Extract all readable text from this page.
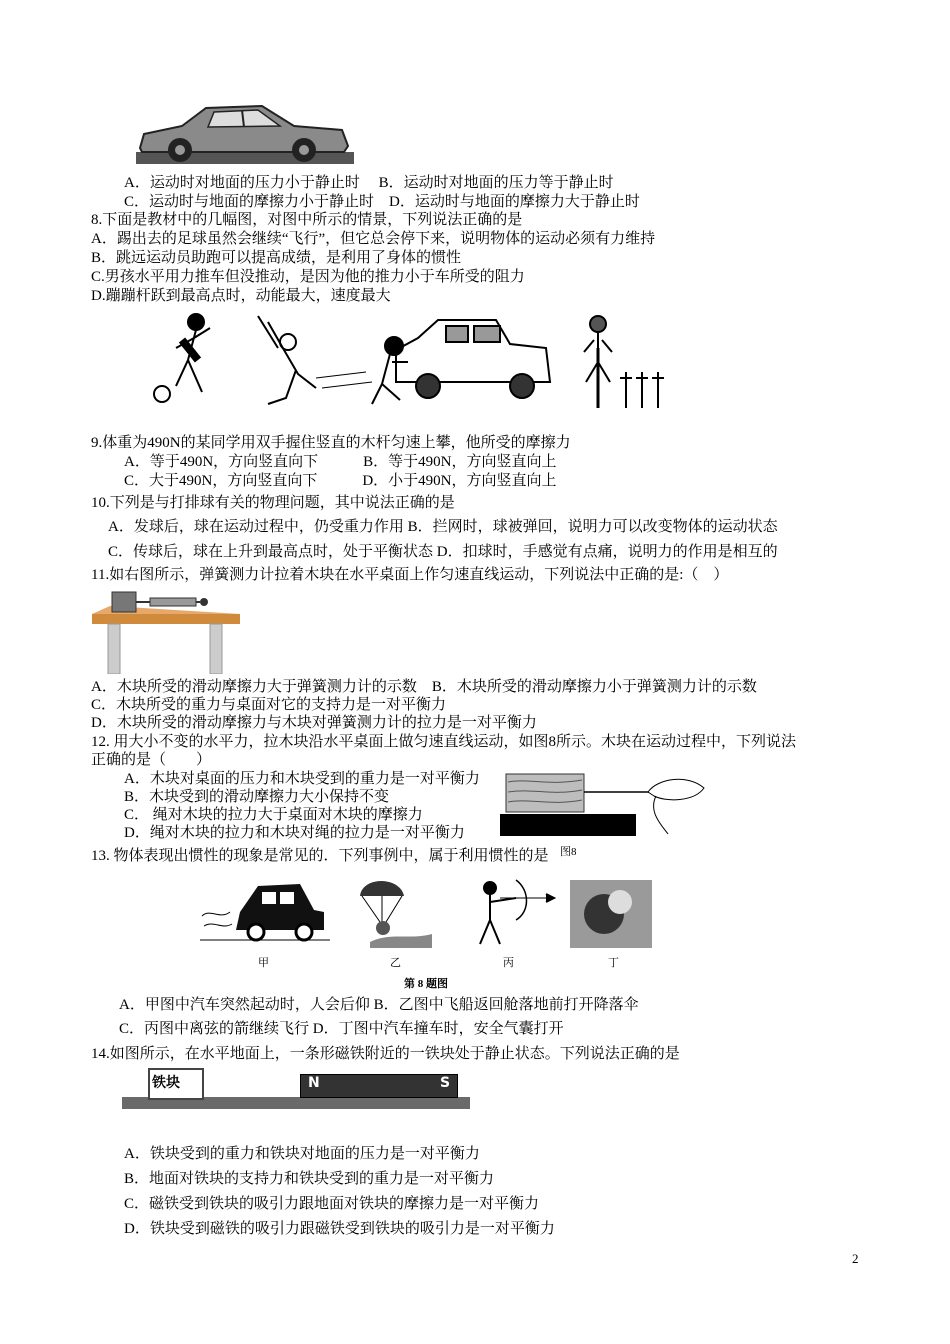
A．运动时对地面的压力小于静止时　 B．运动时对地面的压力等于静止时
C．运动时与地面的摩擦力小于静止时　D．运动时与地面的摩擦力大于静止时
8.下面是教材中的几幅图，对图中所示的情景，下列说法正确的是
A．踢出去的足球虽然会继续“飞行”，但它总会停下来，说明物体的运动必须有力维持
B．跳远运动员助跑可以提高成绩，是利用了身体的惯性
C.男孩水平用力推车但没推动，是因为他的推力小于车所受的阻力
D.蹦蹦杆跃到最高点时，动能最大，速度最大
9.体重为490N的某同学用双手握住竖直的木杆匀速上攀，他所受的摩擦力
A．等于490N，方向竖直向下　　　B．等于490N，方向竖直向上
C．大于490N，方向竖直向下　　　D．小于490N，方向竖直向上
10.下列是与打排球有关的物理问题，其中说法正确的是
A．发球后，球在运动过程中，仍受重力作用 B．拦网时，球被弹回，说明力可以改变物体的运动状态
C．传球后，球在上升到最高点时，处于平衡状态 D．扣球时，手感觉有点痛，说明力的作用是相互的
11.如右图所示，弹簧测力计拉着木块在水平桌面上作匀速直线运动，下列说法中正确的是:（　）
A．木块所受的滑动摩擦力大于弹簧测力计的示数　B．木块所受的滑动摩擦力小于弹簧测力计的示数
C．木块所受的重力与桌面对它的支持力是一对平衡力
D．木块所受的滑动摩擦力与木块对弹簧测力计的拉力是一对平衡力
12. 用大小不变的水平力，拉木块沿水平桌面上做匀速直线运动，如图8所示。木块在运动过程中，下列说法
正确的是（　　）
A．木块对桌面的压力和木块受到的重力是一对平衡力
B．木块受到的滑动摩擦力大小保持不变
C． 绳对木块的拉力大于桌面对木块的摩擦力
D．绳对木块的拉力和木块对绳的拉力是一对平衡力
图8
13. 物体表现出惯性的现象是常见的．下列事例中，属于利用惯性的是
甲	乙	丙	丁
第 8 题图
A．甲图中汽车突然起动时，人会后仰 B．乙图中飞船返回舱落地前打开降落伞
C．丙图中离弦的箭继续飞行 D．丁图中汽车撞车时，安全气囊打开
14.如图所示，在水平地面上，一条形磁铁附近的一铁块处于静止状态。下列说法正确的是
铁块	N	S
A．铁块受到的重力和铁块对地面的压力是一对平衡力
B．地面对铁块的支持力和铁块受到的重力是一对平衡力
C．磁铁受到铁块的吸引力跟地面对铁块的摩擦力是一对平衡力
D．铁块受到磁铁的吸引力跟磁铁受到铁块的吸引力是一对平衡力
2
